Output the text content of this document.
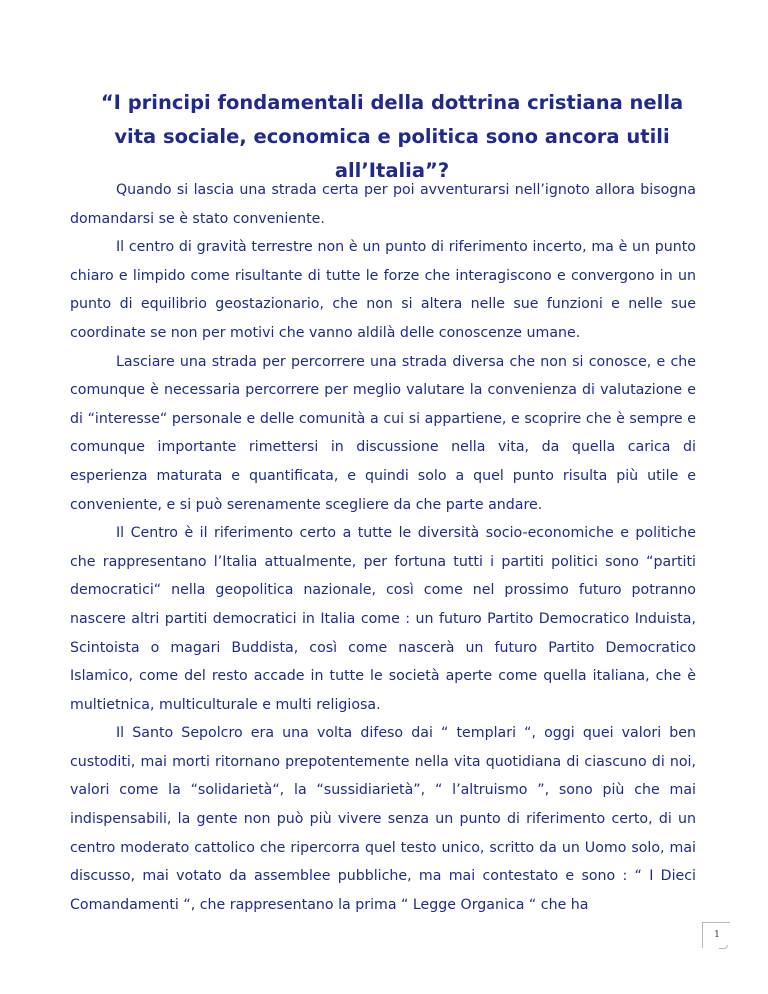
“I principi fondamentali della dottrina cristiana nella vita sociale, economica e politica sono ancora utili all’Italia”?

Quando si lascia una strada certa per poi avventurarsi nell’ignoto allora bisogna domandarsi se è stato conveniente.

Il centro di gravità terrestre non è un punto di riferimento incerto, ma è un punto chiaro e limpido come risultante di tutte le forze che interagiscono e convergono in un punto di equilibrio geostazionario, che non si altera nelle sue funzioni e nelle sue coordinate se non per motivi che vanno aldilà delle conoscenze umane.

Lasciare una strada per percorrere una strada diversa che non si conosce, e che comunque è necessaria percorrere per meglio valutare la convenienza di valutazione e di “interesse“ personale e delle comunità a cui si appartiene, e scoprire che è sempre e comunque importante rimettersi in discussione nella vita, da quella carica di esperienza maturata e quantificata, e quindi solo a quel punto risulta più utile e conveniente, e si può serenamente scegliere da che parte andare.

Il Centro è il riferimento certo a tutte le diversità socio-economiche e politiche che rappresentano l’Italia attualmente, per fortuna tutti i partiti politici sono “partiti democratici“ nella geopolitica nazionale, così come nel prossimo futuro potranno nascere altri partiti democratici in Italia come : un futuro Partito Democratico Induista, Scintoista o magari Buddista, così come nascerà un futuro Partito Democratico Islamico, come del resto accade in tutte le società aperte come quella italiana, che è multietnica, multiculturale e multi religiosa.

Il Santo Sepolcro era una volta difeso dai “ templari “, oggi quei valori ben custoditi, mai morti ritornano prepotentemente nella vita quotidiana di ciascuno di noi, valori come la “solidarietà“, la “sussidiarietà”, “ l’altruismo ”, sono più che mai indispensabili, la gente non può più vivere senza un punto di riferimento certo, di un centro moderato cattolico che ripercorra quel testo unico, scritto da un Uomo solo, mai discusso, mai votato da assemblee pubbliche, ma mai contestato e sono : “ I Dieci Comandamenti “, che rappresentano la prima “ Legge Organica “ che ha

1
